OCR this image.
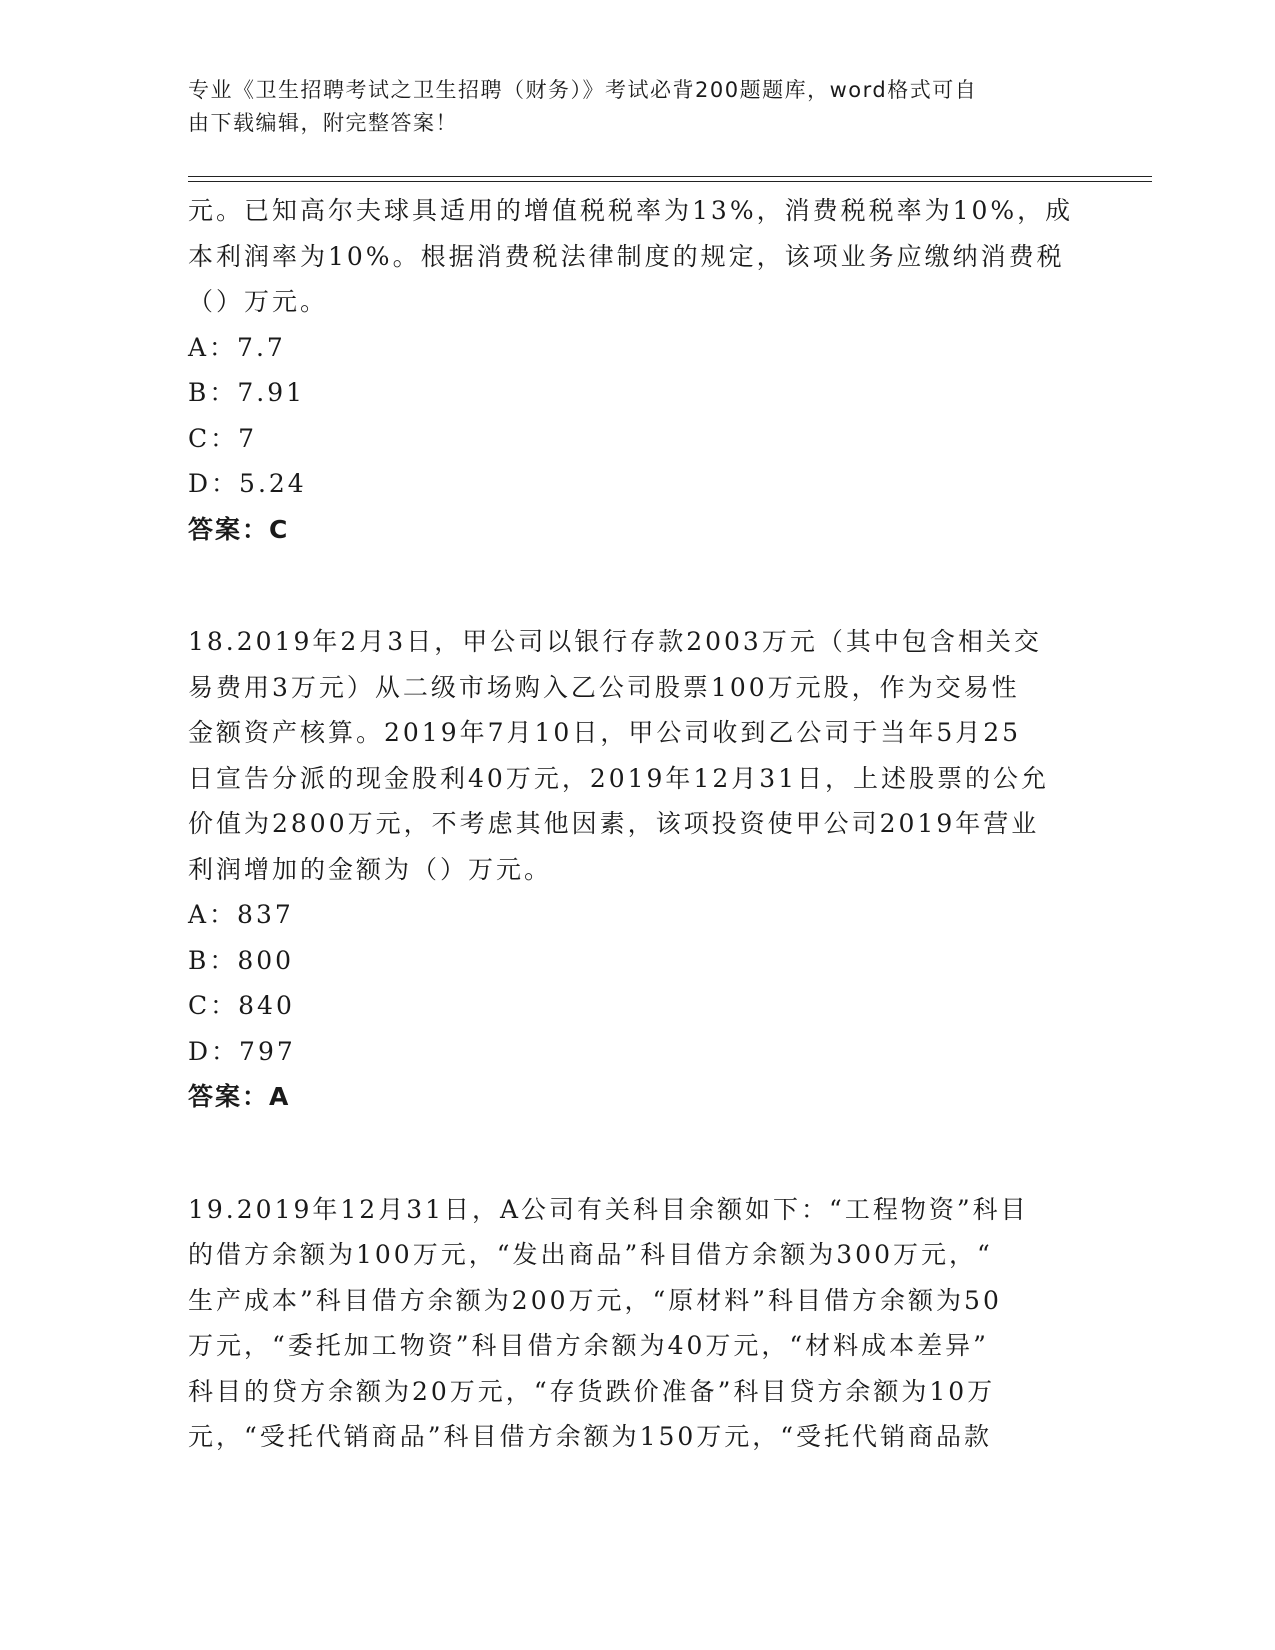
专业《卫生招聘考试之卫生招聘（财务）》考试必背200题题库，word格式可自
由下载编辑，附完整答案！
元。已知高尔夫球具适用的增值税税率为13%，消费税税率为10%，成
本利润率为10%。根据消费税法律制度的规定，该项业务应缴纳消费税
（）万元。
A：7.7
B：7.91
C：7
D：5.24
答案：C
18.2019年2月3日，甲公司以银行存款2003万元（其中包含相关交
易费用3万元）从二级市场购入乙公司股票100万元股，作为交易性
金额资产核算。2019年7月10日，甲公司收到乙公司于当年5月25
日宣告分派的现金股利40万元，2019年12月31日，上述股票的公允
价值为2800万元，不考虑其他因素，该项投资使甲公司2019年营业
利润增加的金额为（）万元。
A：837
B：800
C：840
D：797
答案：A
19.2019年12月31日，A公司有关科目余额如下：“工程物资”科目
的借方余额为100万元，“发出商品”科目借方余额为300万元，“
生产成本”科目借方余额为200万元，“原材料”科目借方余额为50
万元，“委托加工物资”科目借方余额为40万元，“材料成本差异”
科目的贷方余额为20万元，“存货跌价准备”科目贷方余额为10万
元，“受托代销商品”科目借方余额为150万元，“受托代销商品款
